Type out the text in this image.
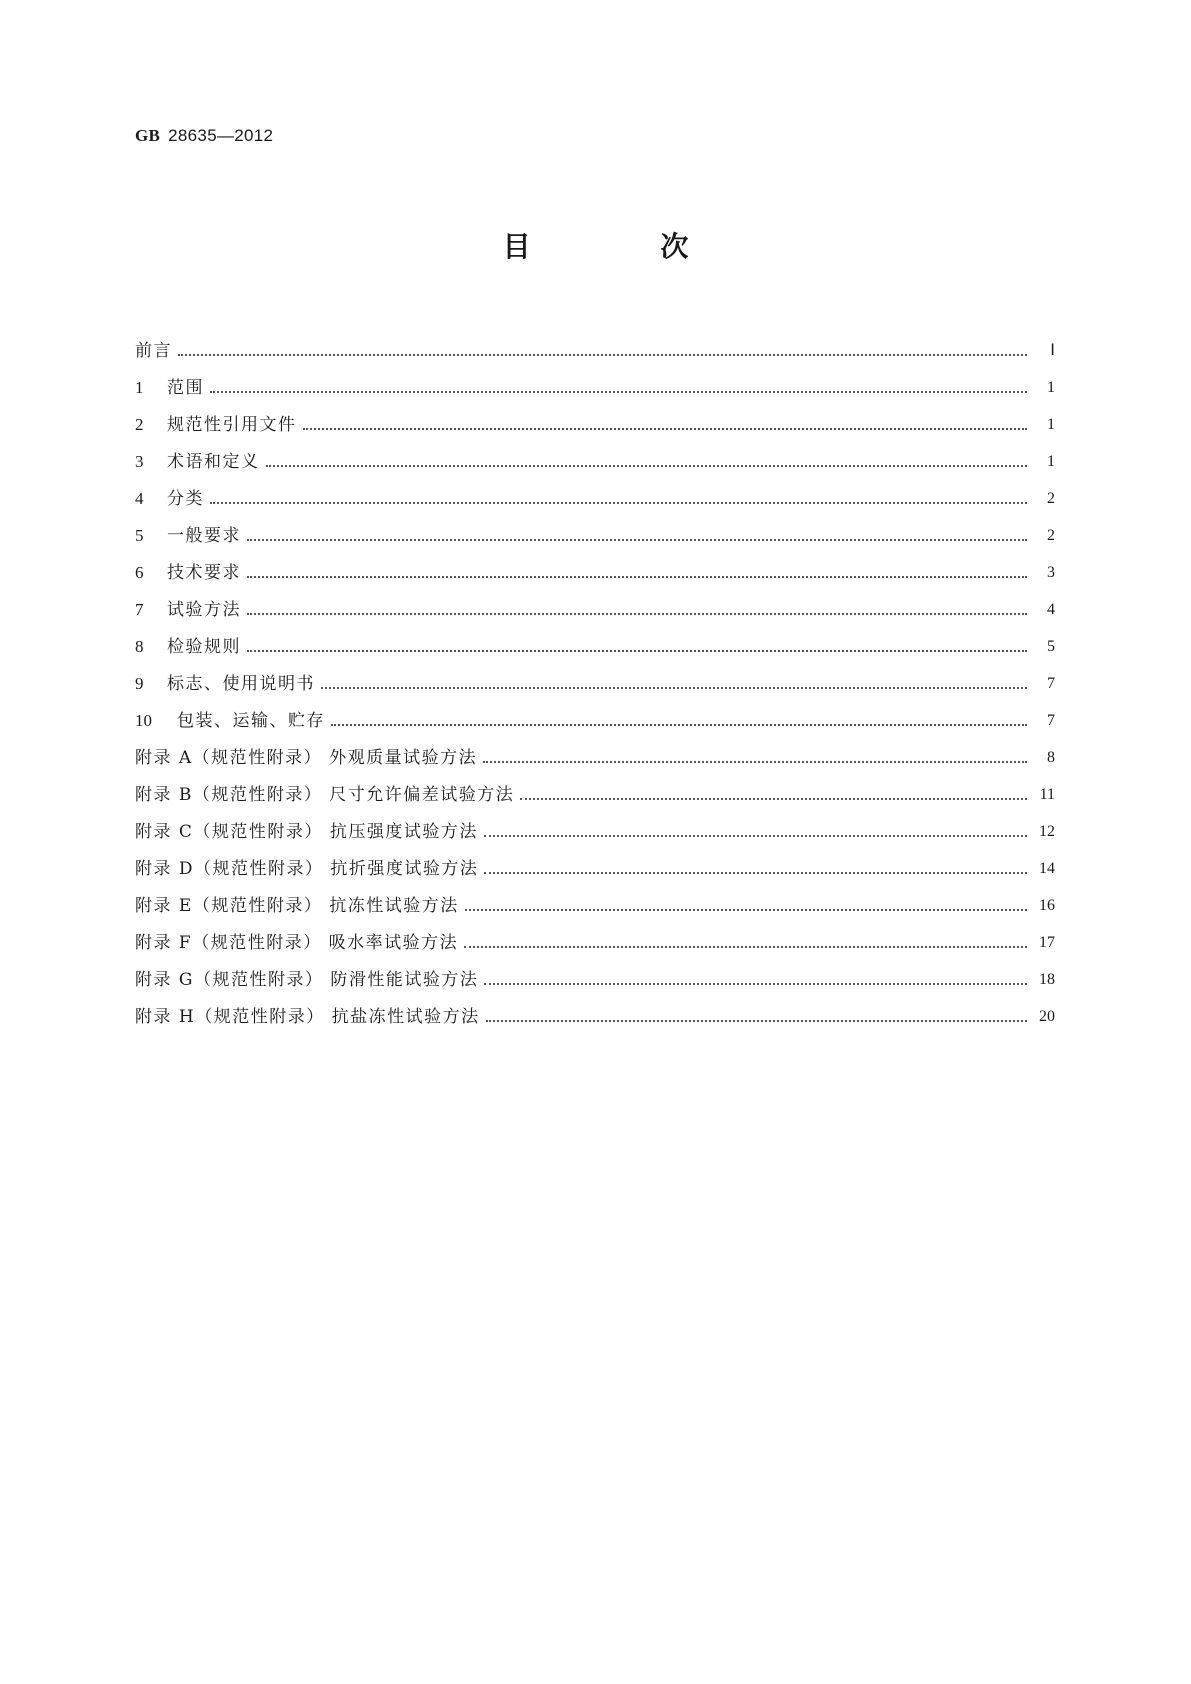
GB 28635—2012
目 次
前言	Ⅰ
1	范围	1
2	规范性引用文件	1
3	术语和定义	1
4	分类	2
5	一般要求	2
6	技术要求	3
7	试验方法	4
8	检验规则	5
9	标志、使用说明书	7
10	包装、运输、贮存	7
附录 A（规范性附录） 外观质量试验方法	8
附录 B（规范性附录） 尺寸允许偏差试验方法	11
附录 C（规范性附录） 抗压强度试验方法	12
附录 D（规范性附录） 抗折强度试验方法	14
附录 E（规范性附录） 抗冻性试验方法	16
附录 F（规范性附录） 吸水率试验方法	17
附录 G（规范性附录） 防滑性能试验方法	18
附录 H（规范性附录） 抗盐冻性试验方法	20
